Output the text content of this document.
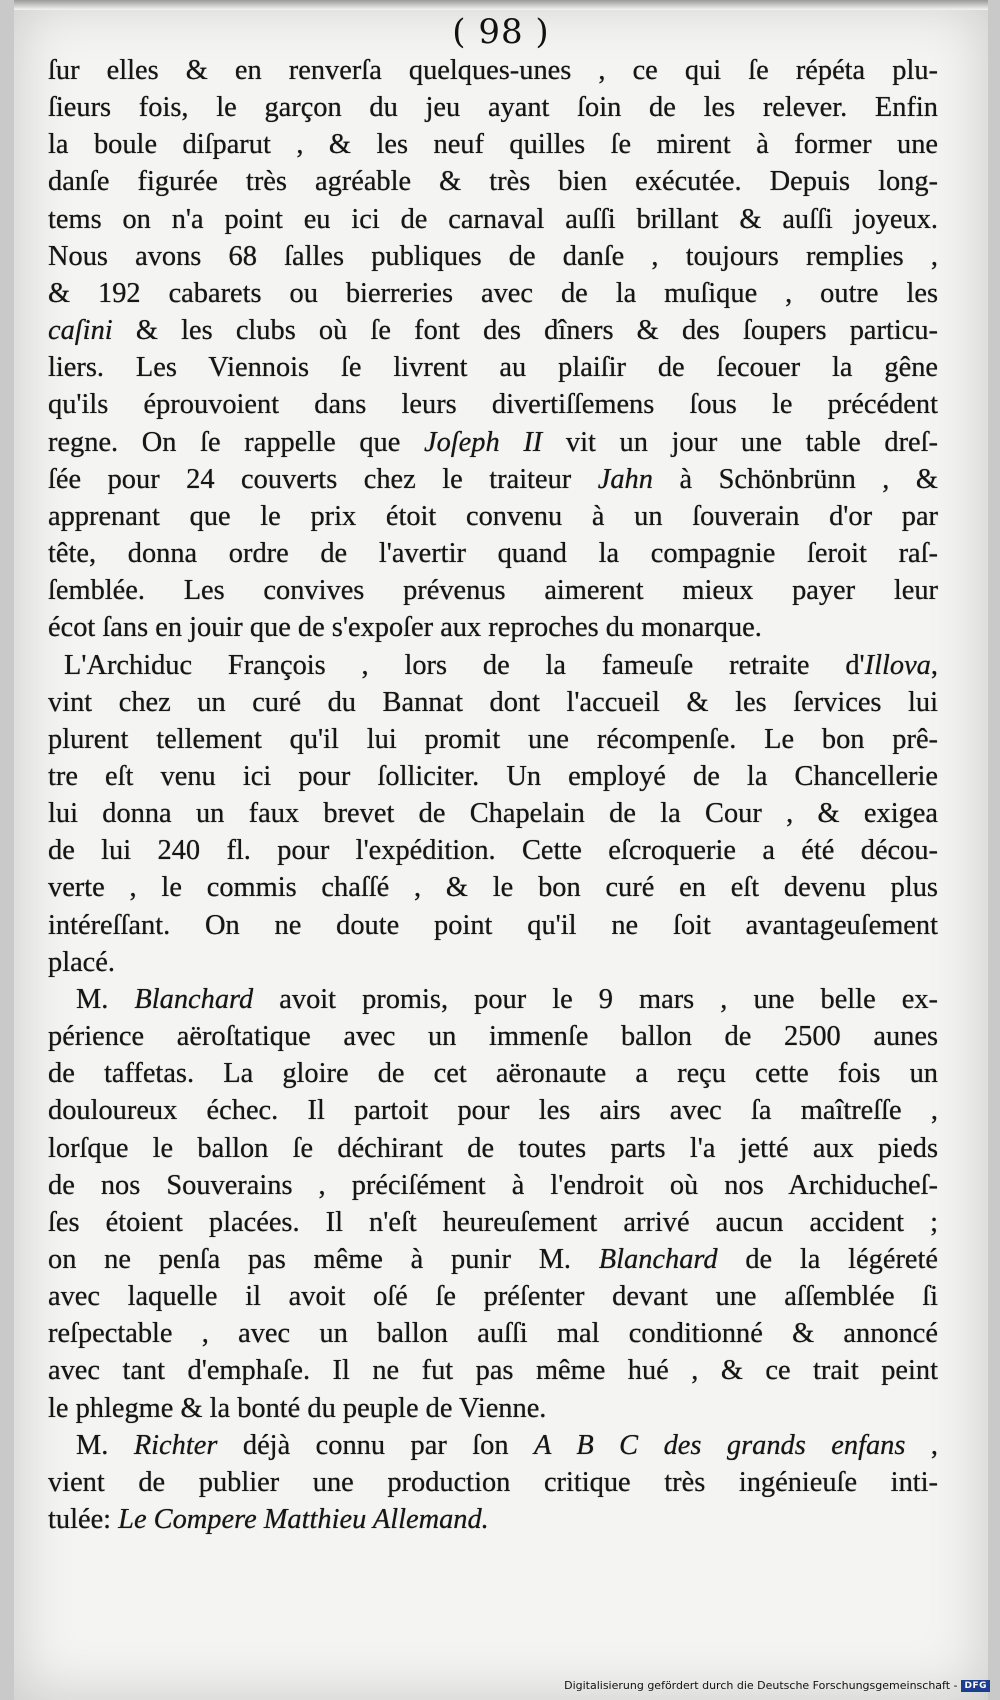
( 98 )
ſur elles & en renverſa quelques-unes , ce qui ſe répéta plu-
ſieurs fois, le garçon du jeu ayant ſoin de les relever. Enfin
la boule diſparut , & les neuf quilles ſe mirent à former une
danſe figurée très agréable & très bien exécutée. Depuis long-
tems on n'a point eu ici de carnaval auſſi brillant & auſſi joyeux.
Nous avons 68 ſalles publiques de danſe , toujours remplies ,
& 192 cabarets ou bierreries avec de la muſique , outre les
caſini & les clubs où ſe font des dîners & des ſoupers particu-
liers. Les Viennois ſe livrent au plaiſir de ſecouer la gêne
qu'ils éprouvoient dans leurs divertiſſemens ſous le précédent
regne. On ſe rappelle que Joſeph II vit un jour une table dreſ-
ſée pour 24 couverts chez le traiteur Jahn à Schönbrünn , &
apprenant que le prix étoit convenu à un ſouverain d'or par
tête, donna ordre de l'avertir quand la compagnie ſeroit raſ-
ſemblée. Les convives prévenus aimerent mieux payer leur
écot ſans en jouir que de s'expoſer aux reproches du monarque.
L'Archiduc François , lors de la fameuſe retraite d'Illova,
vint chez un curé du Bannat dont l'accueil & les ſervices lui
plurent tellement qu'il lui promit une récompenſe. Le bon prê-
tre eſt venu ici pour ſolliciter. Un employé de la Chancellerie
lui donna un faux brevet de Chapelain de la Cour , & exigea
de lui 240 fl. pour l'expédition. Cette eſcroquerie a été décou-
verte , le commis chaſſé , & le bon curé en eſt devenu plus
intéreſſant. On ne doute point qu'il ne ſoit avantageuſement
placé.
M. Blanchard avoit promis, pour le 9 mars , une belle ex-
périence aëroſtatique avec un immenſe ballon de 2500 aunes
de taffetas. La gloire de cet aëronaute a reçu cette fois un
douloureux échec. Il partoit pour les airs avec ſa maîtreſſe ,
lorſque le ballon ſe déchirant de toutes parts l'a jetté aux pieds
de nos Souverains , préciſément à l'endroit où nos Archiducheſ-
ſes étoient placées. Il n'eſt heureuſement arrivé aucun accident ;
on ne penſa pas même à punir M. Blanchard de la légéreté
avec laquelle il avoit oſé ſe préſenter devant une aſſemblée ſi
reſpectable , avec un ballon auſſi mal conditionné & annoncé
avec tant d'emphaſe. Il ne fut pas même hué , & ce trait peint
le phlegme & la bonté du peuple de Vienne.
M. Richter déjà connu par ſon A B C des grands enfans ,
vient de publier une production critique très ingénieuſe inti-
tulée: Le Compere Matthieu Allemand.
Digitalisierung gefördert durch die Deutsche Forschungsgemeinschaft - DFG
